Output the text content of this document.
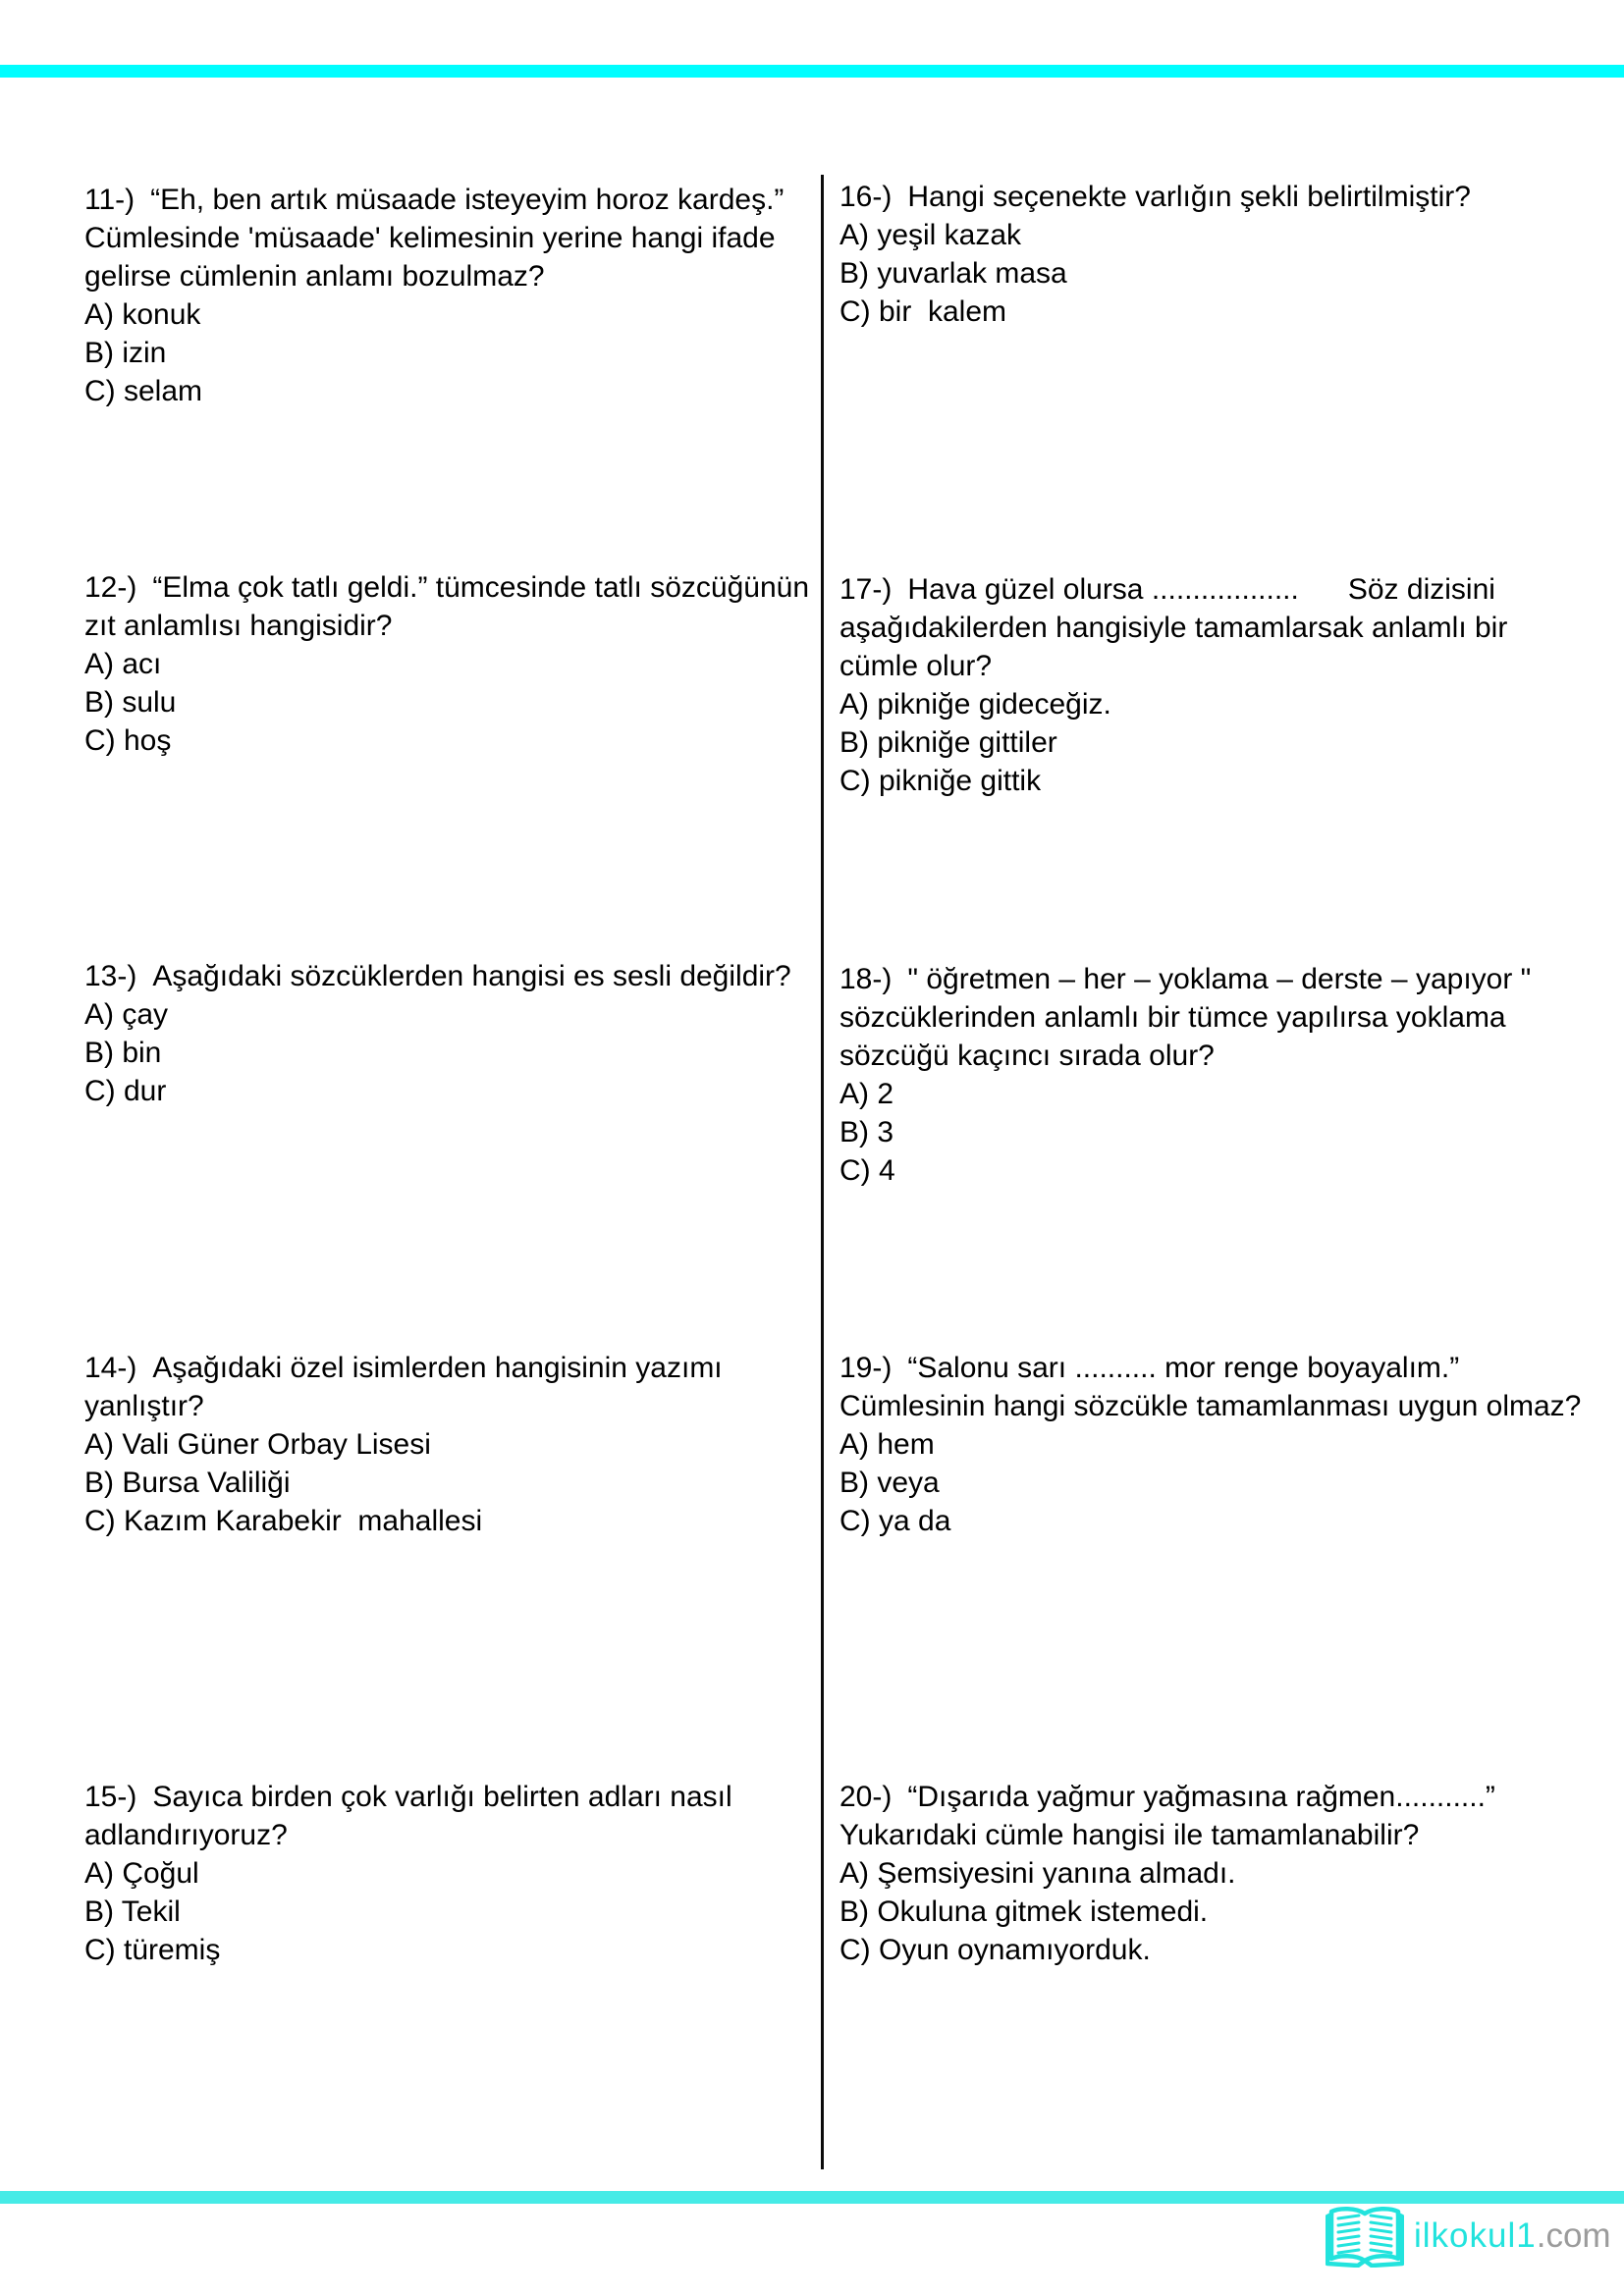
11-) “Eh, ben artık müsaade isteyeyim horoz kardeş.” Cümlesinde 'müsaade' kelimesinin yerine hangi ifade gelirse cümlenin anlamı bozulmaz?

A) konuk

B) izin

C) selam

12-) “Elma çok tatlı geldi.” tümcesinde tatlı sözcüğünün zıt anlamlısı hangisidir?

A) acı

B) sulu

C) hoş

13-) Aşağıdaki sözcüklerden hangisi es sesli değildir?

A) çay

B) bin

C) dur

14-) Aşağıdaki özel isimlerden hangisinin yazımı yanlıştır?

A) Vali Güner Orbay Lisesi

B) Bursa Valiliği

C) Kazım Karabekir  mahallesi

15-) Sayıca birden çok varlığı belirten adları nasıl adlandırıyoruz?

A) Çoğul

B) Tekil

C) türemiş

16-) Hangi seçenekte varlığın şekli belirtilmiştir?

A) yeşil kazak

B) yuvarlak masa

C) bir  kalem

17-) Hava güzel olursa ..................      Söz dizisini aşağıdakilerden hangisiyle tamamlarsak anlamlı bir cümle olur?

A) pikniğe gideceğiz.

B) pikniğe gittiler

C) pikniğe gittik

18-) " öğretmen – her – yoklama – derste – yapıyor " sözcüklerinden anlamlı bir tümce yapılırsa yoklama sözcüğü kaçıncı sırada olur?

A) 2

B) 3

C) 4

19-) “Salonu sarı .......... mor renge boyayalım.” Cümlesinin hangi sözcükle tamamlanması uygun olmaz?

A) hem

B) veya

C) ya da

20-) “Dışarıda yağmur yağmasına rağmen...........” Yukarıdaki cümle hangisi ile tamamlanabilir?

A) Şemsiyesini yanına almadı.

B) Okuluna gitmek istemedi.

C) Oyun oynamıyorduk.

ilkokul1.com
